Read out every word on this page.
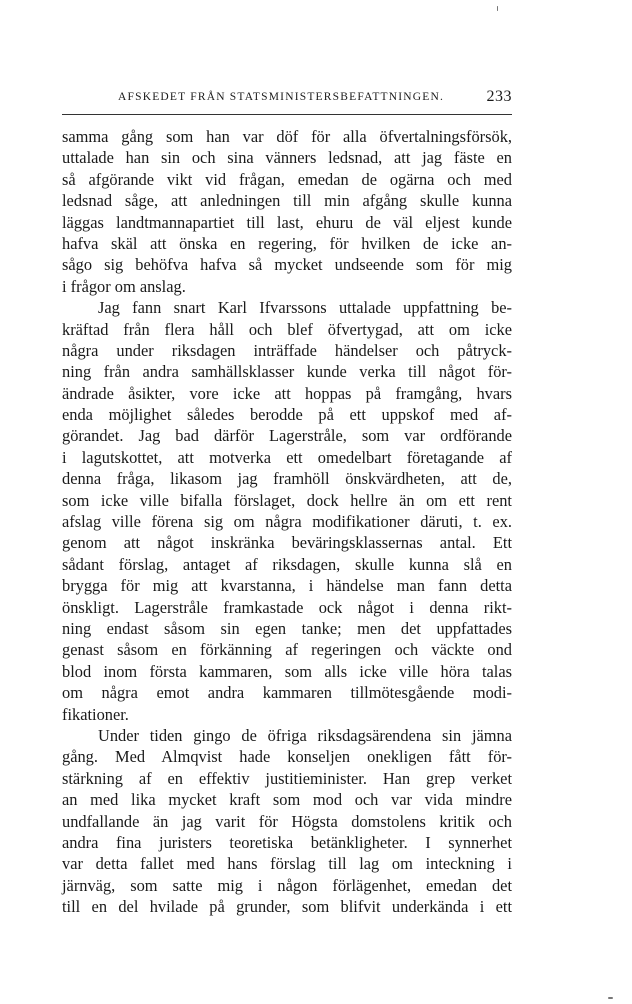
AFSKEDET FRÅN STATSMINISTERSBEFATTNINGEN.	233
samma gång som han var döf för alla öfvertalningsförsök,
uttalade han sin och sina vänners ledsnad, att jag fäste en
så afgörande vikt vid frågan, emedan de ogärna och med
ledsnad såge, att anledningen till min afgång skulle kunna
läggas landtmannapartiet till last, ehuru de väl eljest kunde
hafva skäl att önska en regering, för hvilken de icke an-
sågo sig behöfva hafva så mycket undseende som för mig
i frågor om anslag.
Jag fann snart Karl Ifvarssons uttalade uppfattning be-
kräftad från flera håll och blef öfvertygad, att om icke
några under riksdagen inträffade händelser och påtryck-
ning från andra samhällsklasser kunde verka till något för-
ändrade åsikter, vore icke att hoppas på framgång, hvars
enda möjlighet således berodde på ett uppskof med af-
görandet. Jag bad därför Lagerstråle, som var ordförande
i lagutskottet, att motverka ett omedelbart företagande af
denna fråga, likasom jag framhöll önskvärdheten, att de,
som icke ville bifalla förslaget, dock hellre än om ett rent
afslag ville förena sig om några modifikationer däruti, t. ex.
genom att något inskränka beväringsklassernas antal. Ett
sådant förslag, antaget af riksdagen, skulle kunna slå en
brygga för mig att kvarstanna, i händelse man fann detta
önskligt. Lagerstråle framkastade ock något i denna rikt-
ning endast såsom sin egen tanke; men det uppfattades
genast såsom en förkänning af regeringen och väckte ond
blod inom första kammaren, som alls icke ville höra talas
om några emot andra kammaren tillmötesgående modi-
fikationer.
Under tiden gingo de öfriga riksdagsärendena sin jämna
gång. Med Almqvist hade konseljen onekligen fått för-
stärkning af en effektiv justitieminister. Han grep verket
an med lika mycket kraft som mod och var vida mindre
undfallande än jag varit för Högsta domstolens kritik och
andra fina juristers teoretiska betänkligheter. I synnerhet
var detta fallet med hans förslag till lag om inteckning i
järnväg, som satte mig i någon förlägenhet, emedan det
till en del hvilade på grunder, som blifvit underkända i ett
